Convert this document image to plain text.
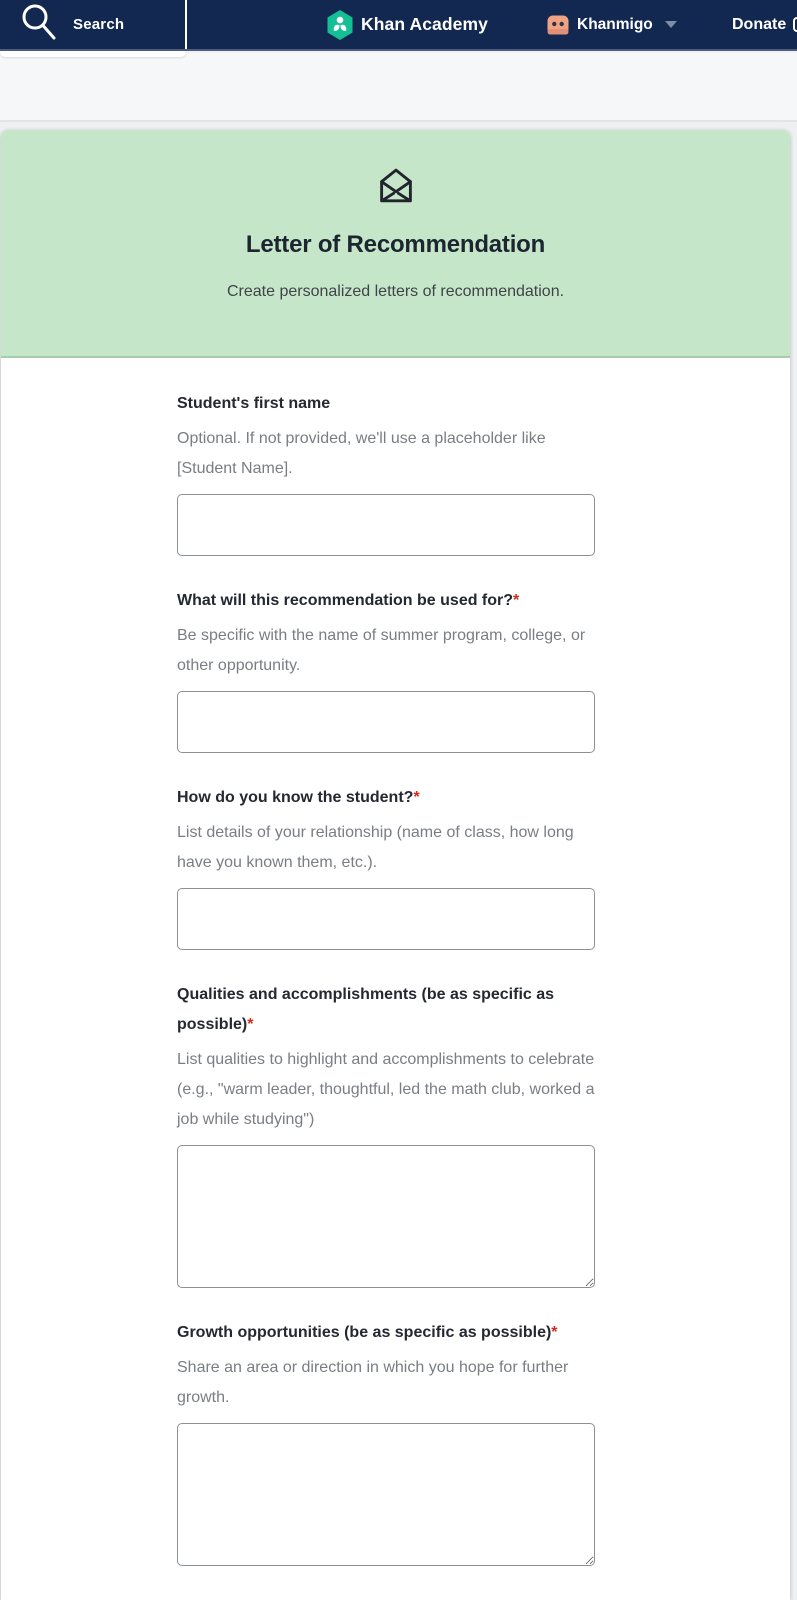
Search	Khan Academy	Khanmigo	Donate
Letter of Recommendation
Create personalized letters of recommendation.
Student's first name
Optional. If not provided, we'll use a placeholder like [Student Name].
What will this recommendation be used for?*
Be specific with the name of summer program, college, or other opportunity.
How do you know the student?*
List details of your relationship (name of class, how long have you known them, etc.).
Qualities and accomplishments (be as specific as possible)*
List qualities to highlight and accomplishments to celebrate (e.g., "warm leader, thoughtful, led the math club, worked a job while studying")
Growth opportunities (be as specific as possible)*
Share an area or direction in which you hope for further growth.
